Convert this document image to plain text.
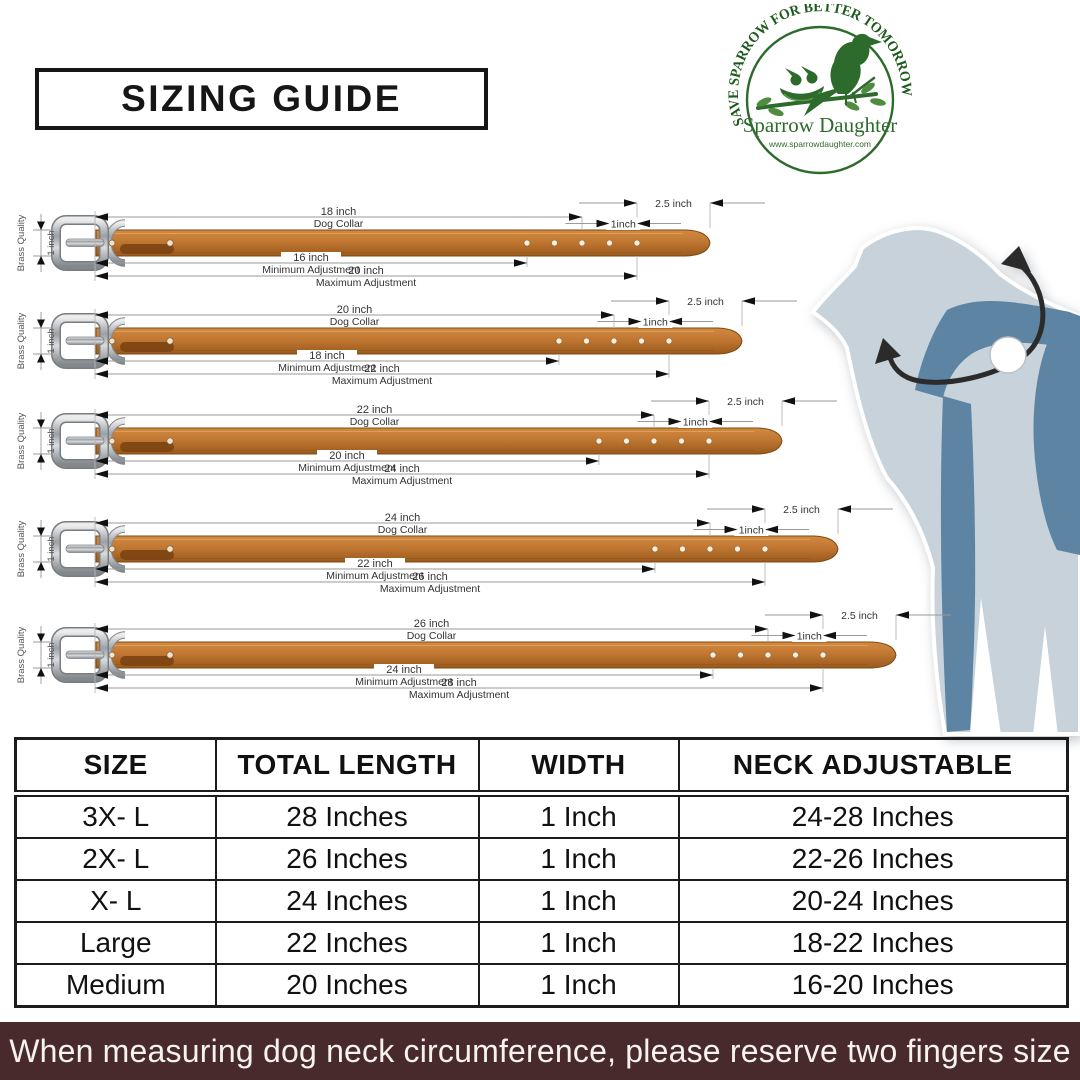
SIZING GUIDE
SAVE SPARROW FOR BETTER TOMORROW
Sparrow Daughter
www.sparrowdaughter.com
18 inch
Dog Collar
16 inch
Minimum Adjustment
20 inch
Maximum Adjustment
1inch
2.5 inch
Brass Quality 1 inch
20 inch
Dog Collar
18 inch
Minimum Adjustment
22 inch
Maximum Adjustment
1inch
2.5 inch
Brass Quality 1 inch
22 inch
Dog Collar
20 inch
Minimum Adjustment
24 inch
Maximum Adjustment
1inch
2.5 inch
Brass Quality 1 inch
24 inch
Dog Collar
22 inch
Minimum Adjustment
26 inch
Maximum Adjustment
1inch
2.5 inch
Brass Quality 1 inch
26 inch
Dog Collar
24 inch
Minimum Adjustment
28 inch
Maximum Adjustment
1inch
2.5 inch
Brass Quality 1 inch
SIZE	TOTAL LENGTH	WIDTH	NECK ADJUSTABLE
3X- L	28 Inches	1 Inch	24-28 Inches
2X- L	26 Inches	1 Inch	22-26 Inches
X- L	24 Inches	1 Inch	20-24 Inches
Large	22 Inches	1 Inch	18-22 Inches
Medium	20 Inches	1 Inch	16-20 Inches
When measuring dog neck circumference, please reserve two fingers size
